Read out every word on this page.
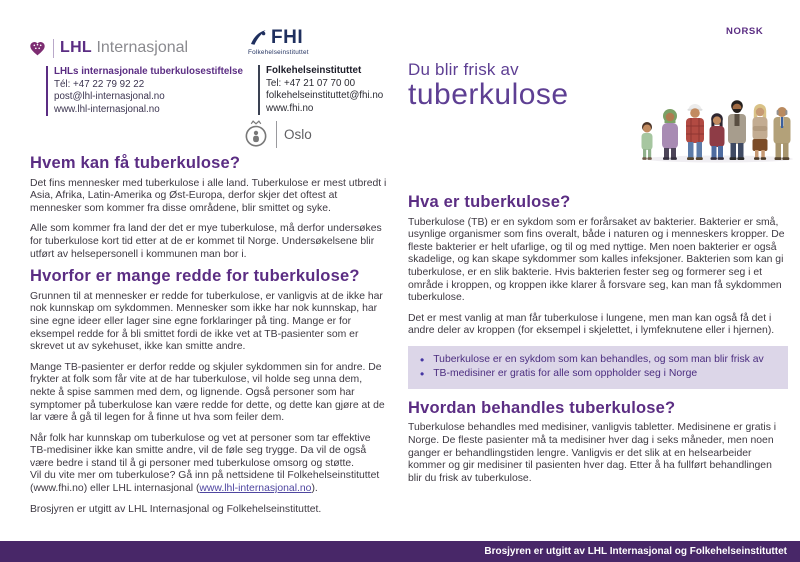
NORSK
LHL Internasjonal
LHLs internasjonale tuberkulosestiftelse
Tél: +47 22 79 92 22
post@lhl-internasjonal.no
www.lhl-internasjonal.no
FHI
Folkehelseinstituttet
Folkehelseinstituttet
Tel: +47 21 07 70 00
folkehelseinstituttet@fhi.no
www.fhi.no
Oslo
Du blir frisk av
tuberkulose
Hvem kan få tuberkulose?

Det fins mennesker med tuberkulose i alle land. Tuberkulose er mest utbredt i Asia, Afrika, Latin-Amerika og Øst-Europa, derfor skjer det oftest at mennesker som kommer fra disse områdene, blir smittet og syke.

Alle som kommer fra land der det er mye tuberkulose, må derfor undersøkes for tuberkulose kort tid etter at de er kommet til Norge. Undersøkelsene blir utført av helsepersonell i kommunen man bor i.

Hvorfor er mange redde for tuberkulose?

Grunnen til at mennesker er redde for tuberkulose, er vanligvis at de ikke har nok kunnskap om sykdommen. Mennesker som ikke har nok kunnskap, har sine egne ideer eller lager sine egne forklaringer på ting. Mange er for eksempel redde for å bli smittet fordi de ikke vet at TB-pasienter som er skrevet ut av sykehuset, ikke kan smitte andre.

Mange TB-pasienter er derfor redde og skjuler sykdommen sin for andre. De frykter at folk som får vite at de har tuberkulose, vil holde seg unna dem, nekte å spise sammen med dem, og lignende. Også personer som har symptomer på tuberkulose kan være redde for dette, og dette kan gjøre at de lar være å gå til legen for å finne ut hva som feiler dem.

Når folk har kunnskap om tuberkulose og vet at personer som tar effektive TB-medisiner ikke kan smitte andre, vil de føle seg trygge. Da vil de også være bedre i stand til å gi personer med tuberkulose omsorg og støtte.

Vil du vite mer om tuberkulose? Gå inn på nettsidene til Folkehelseinstituttet (www.fhi.no) eller LHL internasjonal (www.lhl-internasjonal.no).

Brosjyren er utgitt av LHL Internasjonal og Folkehelseinstituttet.

Hva er tuberkulose?

Tuberkulose (TB) er en sykdom som er forårsaket av bakterier. Bakterier er små, usynlige organismer som fins overalt, både i naturen og i menneskers kropper. De fleste bakterier er helt ufarlige, og til og med nyttige. Men noen bakterier er også skadelige, og kan skape sykdommer som kalles infeksjoner. Bakterien som kan gi tuberkulose, er en slik bakterie. Hvis bakterien fester seg og formerer seg i et område i kroppen, og kroppen ikke klarer å forsvare seg, kan man få sykdommen tuberkulose.

Det er mest vanlig at man får tuberkulose i lungene, men man kan også få det i andre deler av kroppen (for eksempel i skjelettet, i lymfeknutene eller i hjernen).

• Tuberkulose er en sykdom som kan behandles, og som man blir frisk av
• TB-medisiner er gratis for alle som oppholder seg i Norge
Hvordan behandles tuberkulose?

Tuberkulose behandles med medisiner, vanligvis tabletter. Medisinene er gratis i Norge. De fleste pasienter må ta medisiner hver dag i seks måneder, men noen ganger er behandlingstiden lengre. Vanligvis er det slik at en helsearbeider kommer og gir medisiner til pasienten hver dag. Etter å ha fullført behandlingen blir du frisk av tuberkulose.

Brosjyren er utgitt av LHL Internasjonal og Folkehelseinstituttet
